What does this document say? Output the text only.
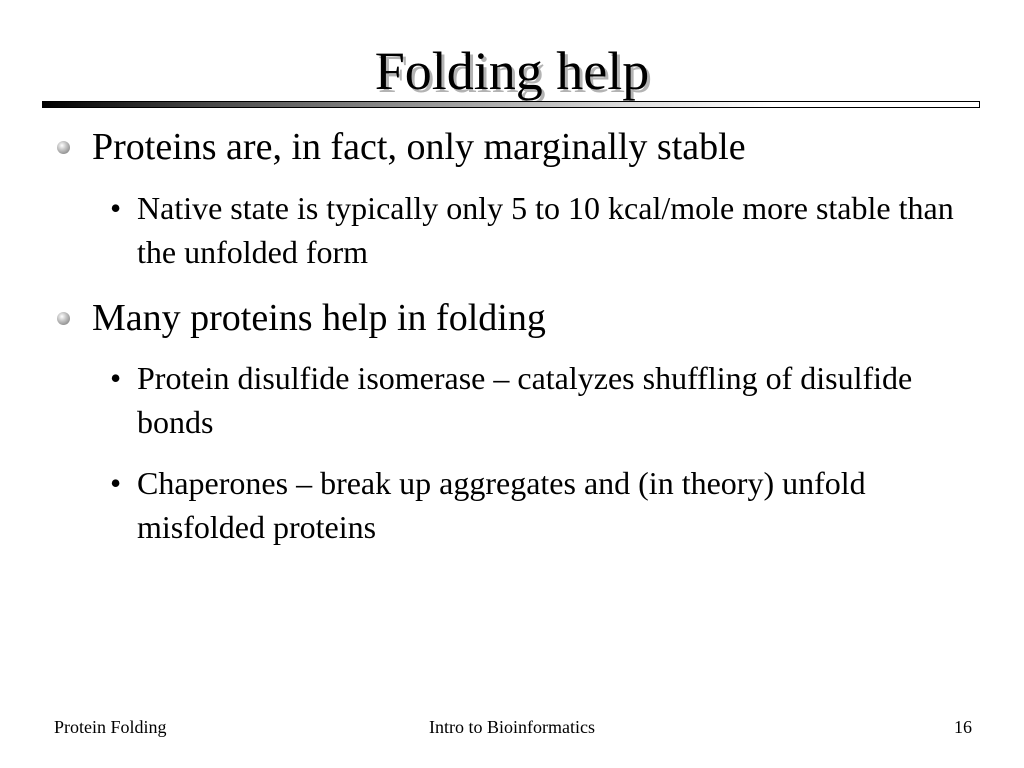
Folding help
Proteins are, in fact, only marginally stable
• Native state is typically only 5 to 10 kcal/mole more stable than the unfolded form
Many proteins help in folding
• Protein disulfide isomerase – catalyzes shuffling of disulfide bonds
• Chaperones – break up aggregates and (in theory) unfold misfolded proteins
Protein Folding	Intro to Bioinformatics	16
